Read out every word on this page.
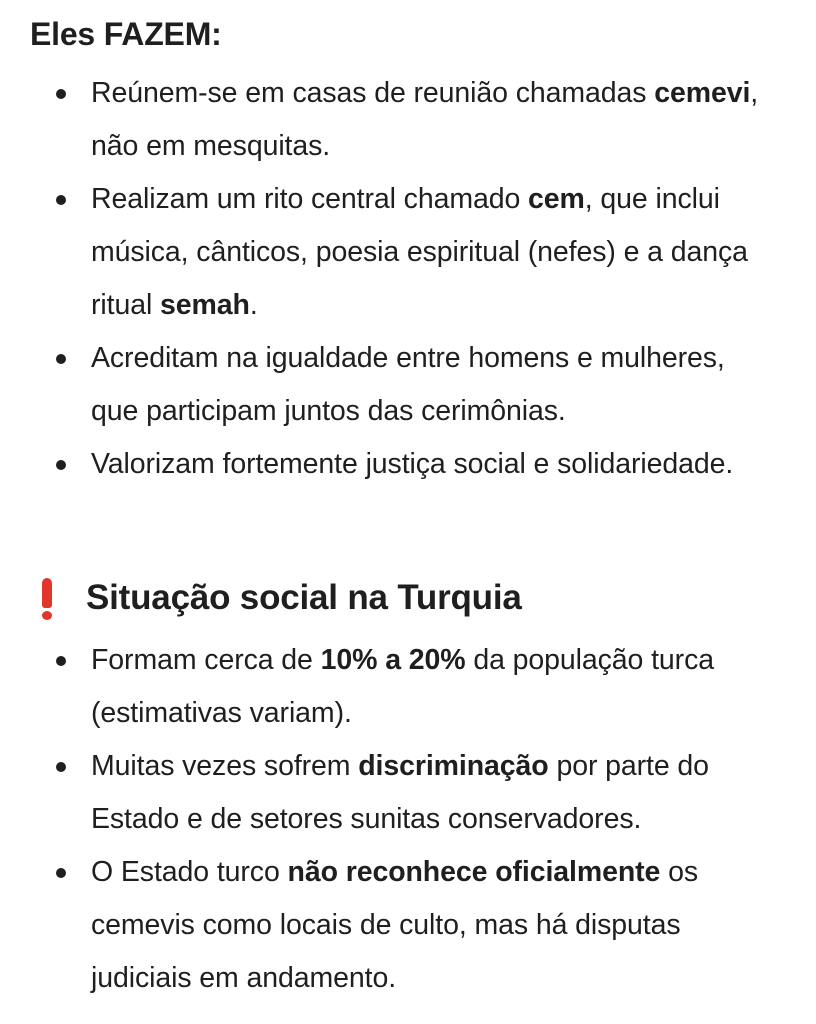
Eles FAZEM:
Reúnem-se em casas de reunião chamadas cemevi, não em mesquitas.
Realizam um rito central chamado cem, que inclui música, cânticos, poesia espiritual (nefes) e a dança ritual semah.
Acreditam na igualdade entre homens e mulheres, que participam juntos das cerimônias.
Valorizam fortemente justiça social e solidariedade.
Situação social na Turquia
Formam cerca de 10% a 20% da população turca (estimativas variam).
Muitas vezes sofrem discriminação por parte do Estado e de setores sunitas conservadores.
O Estado turco não reconhece oficialmente os cemevis como locais de culto, mas há disputas judiciais em andamento.
